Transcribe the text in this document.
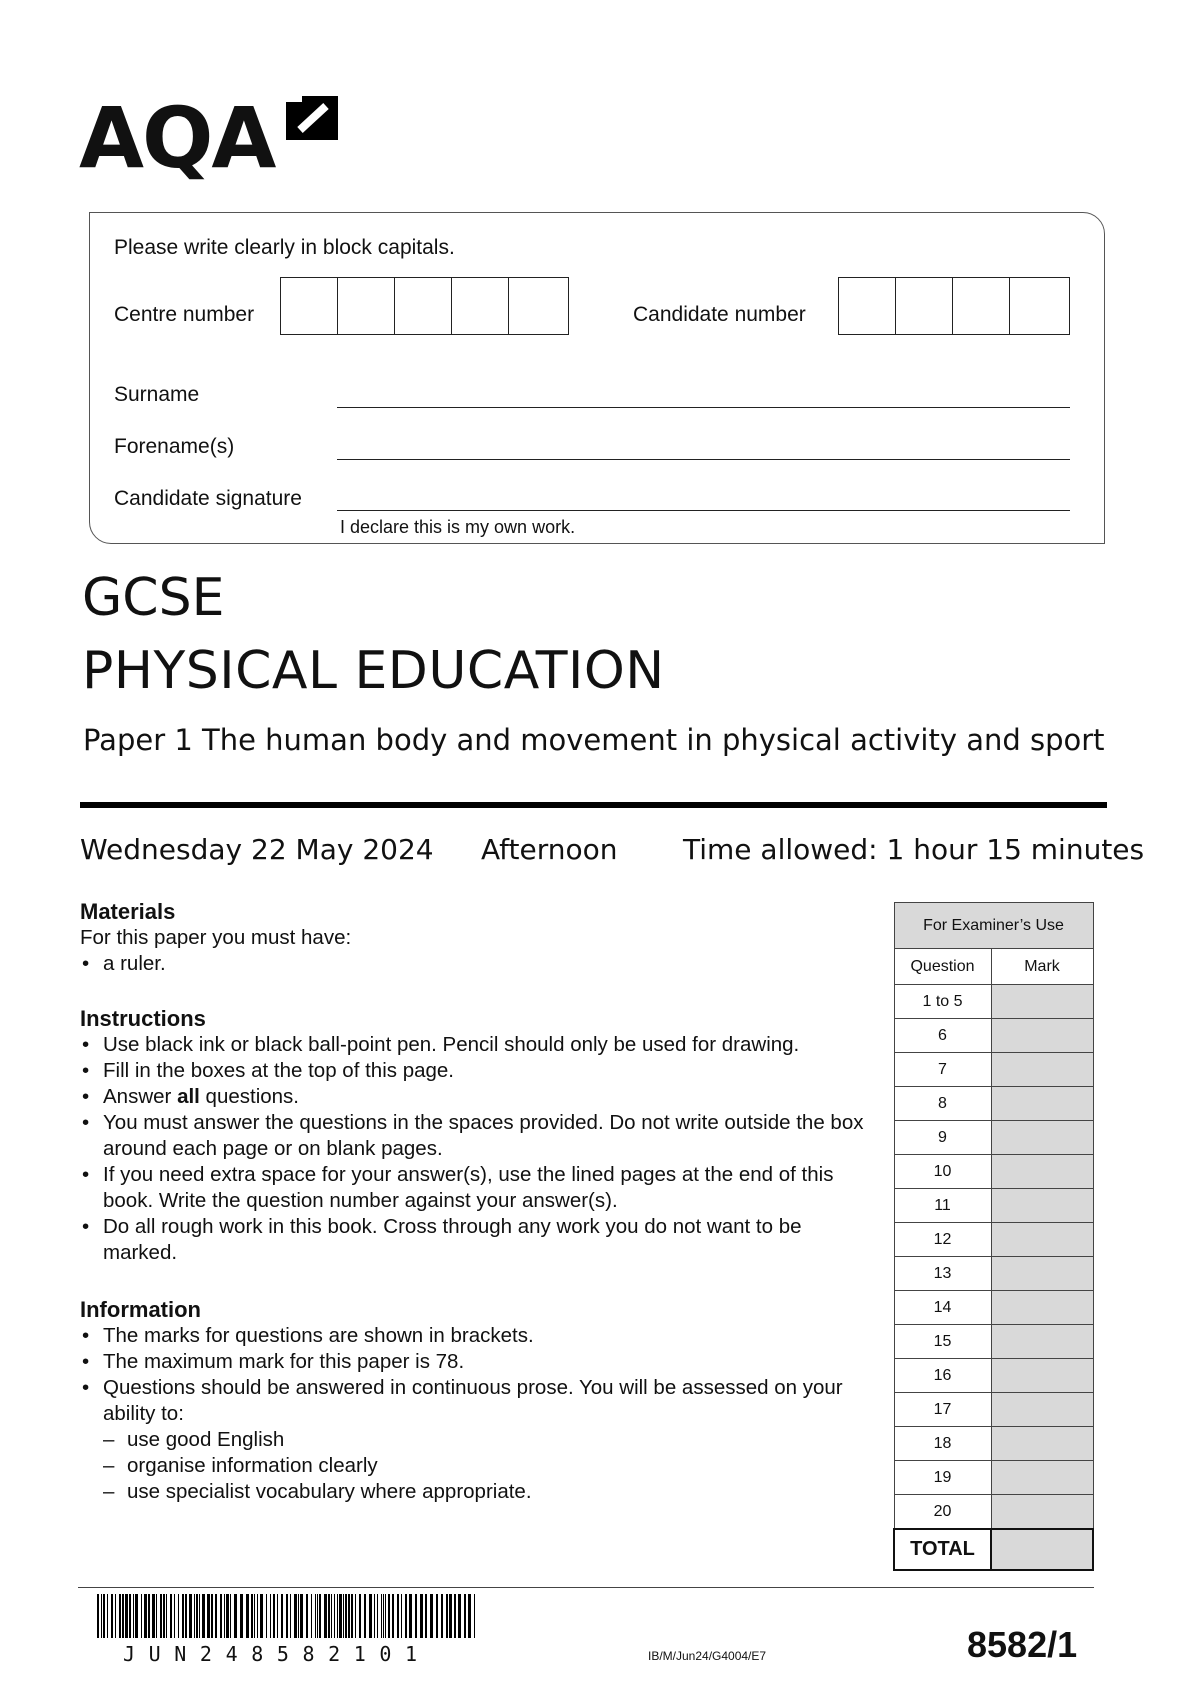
AQA
Please write clearly in block capitals.
Centre number	Candidate number
Surname
Forename(s)
Candidate signature
I declare this is my own work.
GCSE
PHYSICAL EDUCATION
Paper 1 The human body and movement in physical activity and sport
Wednesday 22 May 2024 Afternoon Time allowed: 1 hour 15 minutes
Materials
For this paper you must have:
• a ruler.
Instructions
• Use black ink or black ball-point pen. Pencil should only be used for drawing.
• Fill in the boxes at the top of this page.
• Answer all questions.
• You must answer the questions in the spaces provided. Do not write outside the box around each page or on blank pages.
• If you need extra space for your answer(s), use the lined pages at the end of this book. Write the question number against your answer(s).
• Do all rough work in this book. Cross through any work you do not want to be marked.
Information
• The marks for questions are shown in brackets.
• The maximum mark for this paper is 78.
• Questions should be answered in continuous prose. You will be assessed on your ability to:
– use good English
– organise information clearly
– use specialist vocabulary where appropriate.
For Examiner’s Use	
Question	Mark
1 to 5	
6	
7	
8	
9	
10	
11	
12	
13	
14	
15	
16	
17	
18	
19	
20	
TOTAL	
JUN248582101	IB/M/Jun24/G4004/E7	8582/1
